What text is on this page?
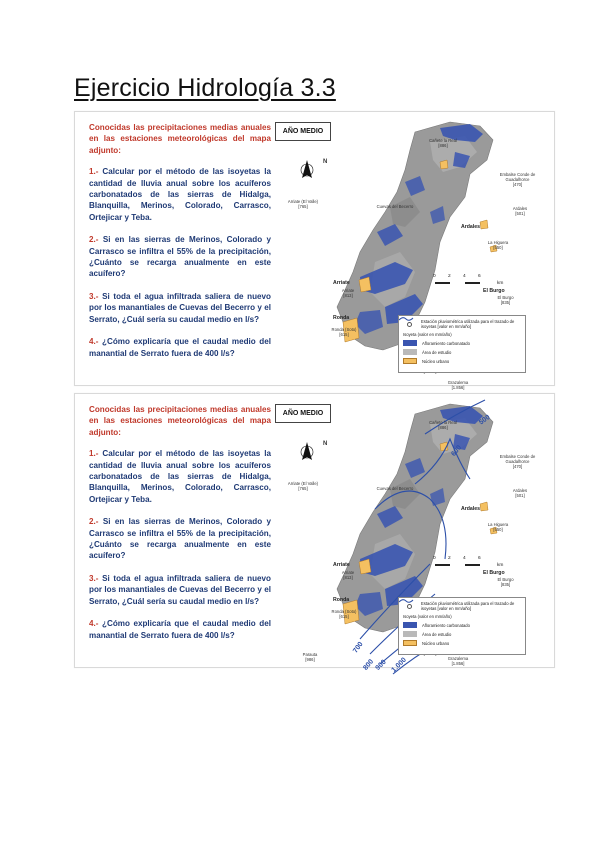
Ejercicio Hidrología 3.3

Conocidas las precipitaciones medias anuales en las estaciones meteorológicas del mapa adjunto:

1.- Calcular por el método de las isoyetas la cantidad de lluvia anual sobre los acuíferos carbonatados de las sierras de Hidalga, Blanquilla, Merinos, Colorado, Carrasco, Ortejicar y Teba.

2.- Si en las sierras de Merinos, Colorado y Carrasco se infiltra el 55% de la precipitación, ¿Cuánto se recarga anualmente en este acuífero?

3.- Si toda el agua infiltrada saliera de nuevo por los manantiales de Cuevas del Becerro y el Serrato, ¿Cuál sería su caudal medio en l/s?

4.- ¿Cómo explicaría que el caudal medio del manantial de Serrato fuera de 400 l/s?

AÑO MEDIO
N
Cañete la Real
[886]
Embalse Conde de Guadalhorce
[470]
Ardales
[501]
Arriate (El Valle)
[765]	Cuevas del Becerro
La Higuera
[550]
Arriate
[813]	El Burgo
[835]
Ronda (Soto)
[615]

Grazalema
[1.856]

Ardales
Arriate
El Burgo
Ronda
0	2	4	6
km
Estación pluviométrica utilizada para el trazado de isoyetas [valor en mm/año]
Isoyeta (valor en mm/año)
Afloramiento carbonatado
Área de estudio
Núcleo urbano

Conocidas las precipitaciones medias anuales en las estaciones meteorológicas del mapa adjunto:

1.- Calcular por el método de las isoyetas la cantidad de lluvia anual sobre los acuíferos carbonatados de las sierras de Hidalga, Blanquilla, Merinos, Colorado, Carrasco, Ortejicar y Teba.

2.- Si en las sierras de Merinos, Colorado y Carrasco se infiltra el 55% de la precipitación, ¿Cuánto se recarga anualmente en este acuífero?

3.- Si toda el agua infiltrada saliera de nuevo por los manantiales de Cuevas del Becerro y el Serrato, ¿Cuál sería su caudal medio en l/s?

4.- ¿Cómo explicaría que el caudal medio del manantial de Serrato fuera de 400 l/s?

500
600
700
800 900 1.000
AÑO MEDIO
N
Cañete la Real
[886]
Embalse Conde de Guadalhorce
[470]
Ardales
[501]
Arriate (El Valle)
[765]	Cuevas del Becerro
La Higuera
[550]
Arriate
[813]	El Burgo
[835]
Ronda (Soto)
[615]

Grazalema
[1.856]
Parauta
[986]
Ardales
Arriate
El Burgo
Ronda
0	2	4	6
km
Estación pluviométrica utilizada para el trazado de isoyetas [valor en mm/año]
Isoyeta (valor en mm/año)
Afloramiento carbonatado
Área de estudio
Núcleo urbano
